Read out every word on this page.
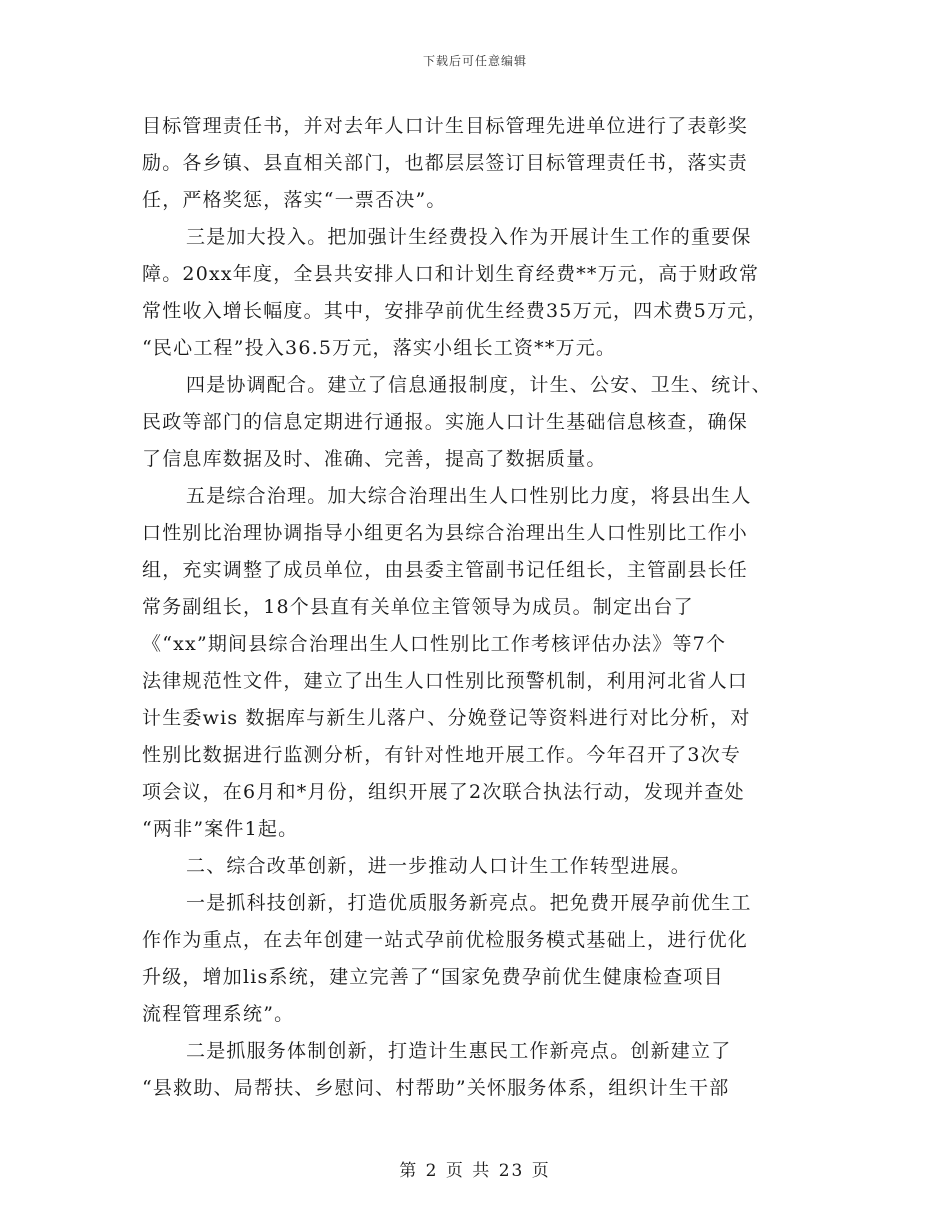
下载后可任意编辑

目标管理责任书，并对去年人口计生目标管理先进单位进行了表彰奖
励。各乡镇、县直相关部门，也都层层签订目标管理责任书，落实责
任，严格奖惩，落实“一票否决”。

三是加大投入。把加强计生经费投入作为开展计生工作的重要保
障。20xx年度，全县共安排人口和计划生育经费**万元，高于财政常
常性收入增长幅度。其中，安排孕前优生经费35万元，四术费5万元，
“民心工程”投入36.5万元，落实小组长工资**万元。

四是协调配合。建立了信息通报制度，计生、公安、卫生、统计、
民政等部门的信息定期进行通报。实施人口计生基础信息核查，确保
了信息库数据及时、准确、完善，提高了数据质量。

五是综合治理。加大综合治理出生人口性别比力度，将县出生人
口性别比治理协调指导小组更名为县综合治理出生人口性别比工作小
组，充实调整了成员单位，由县委主管副书记任组长，主管副县长任
常务副组长，18个县直有关单位主管领导为成员。制定出台了
《“xx”期间县综合治理出生人口性别比工作考核评估办法》等7个
法律规范性文件，建立了出生人口性别比预警机制，利用河北省人口
计生委wis 数据库与新生儿落户、分娩登记等资料进行对比分析，对
性别比数据进行监测分析，有针对性地开展工作。今年召开了3次专
项会议，在6月和*月份，组织开展了2次联合执法行动，发现并查处
“两非”案件1起。

二、综合改革创新，进一步推动人口计生工作转型进展。

一是抓科技创新，打造优质服务新亮点。把免费开展孕前优生工
作作为重点，在去年创建一站式孕前优检服务模式基础上，进行优化
升级，增加lis系统，建立完善了“国家免费孕前优生健康检查项目
流程管理系统”。

二是抓服务体制创新，打造计生惠民工作新亮点。创新建立了
“县救助、局帮扶、乡慰问、村帮助”关怀服务体系，组织计生干部

第 2 页 共 23 页
